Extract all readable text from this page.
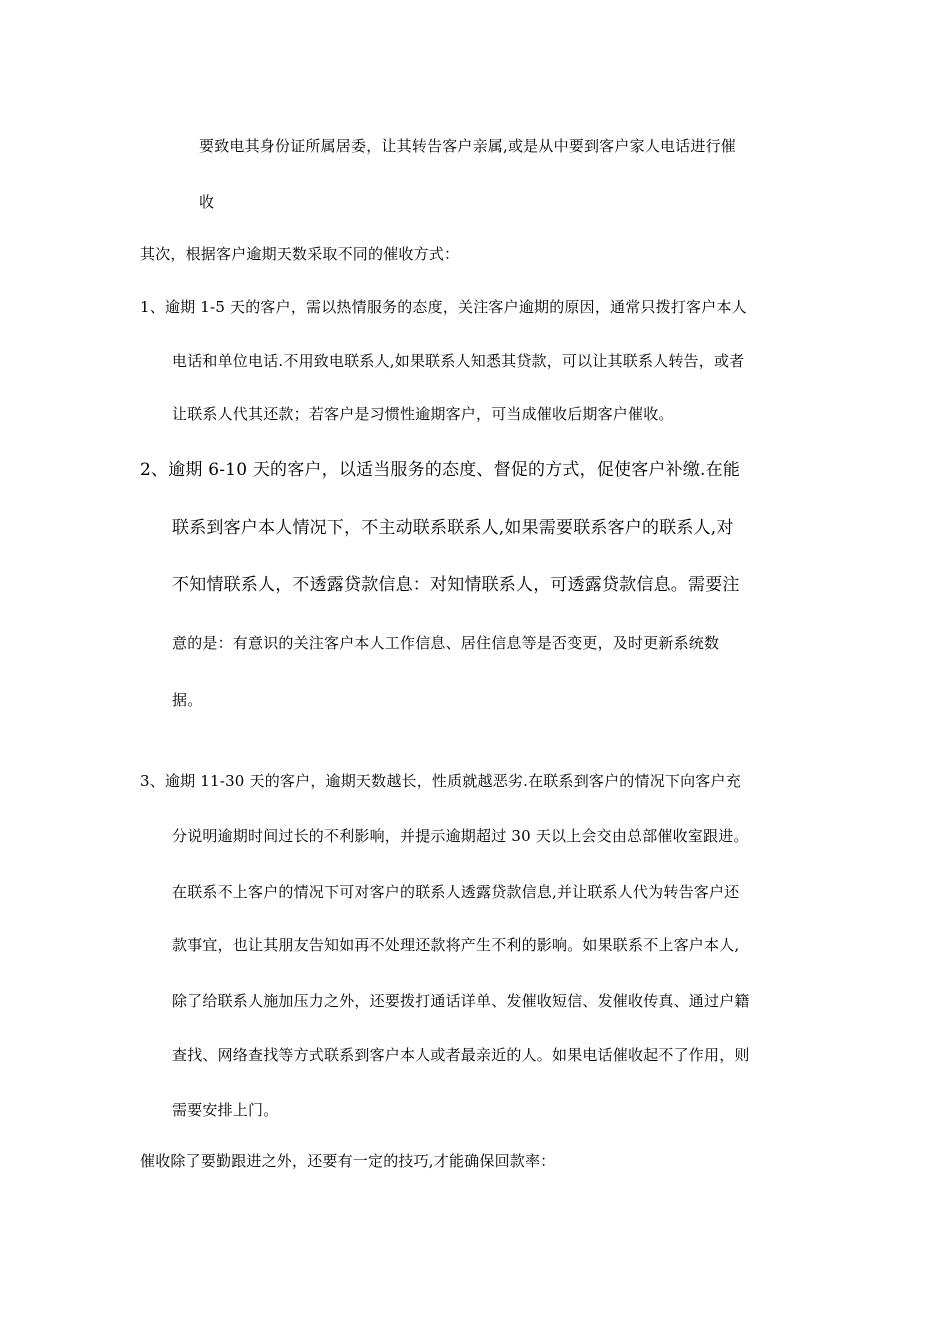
要致电其身份证所属居委，让其转告客户亲属,或是从中要到客户家人电话进行催
收
其次，根据客户逾期天数采取不同的催收方式：
1、逾期 1-5 天的客户，需以热情服务的态度，关注客户逾期的原因，通常只拨打客户本人
电话和单位电话.不用致电联系人,如果联系人知悉其贷款，可以让其联系人转告，或者
让联系人代其还款；若客户是习惯性逾期客户，可当成催收后期客户催收。
2、逾期 6-10 天的客户，以适当服务的态度、督促的方式，促使客户补缴.在能
联系到客户本人情况下，不主动联系联系人,如果需要联系客户的联系人,对
不知情联系人，不透露贷款信息：对知情联系人，可透露贷款信息。需要注
意的是：有意识的关注客户本人工作信息、居住信息等是否变更，及时更新系统数
据。
3、逾期 11-30 天的客户，逾期天数越长，性质就越恶劣.在联系到客户的情况下向客户充
分说明逾期时间过长的不利影响，并提示逾期超过 30 天以上会交由总部催收室跟进。
在联系不上客户的情况下可对客户的联系人透露贷款信息,并让联系人代为转告客户还
款事宜，也让其朋友告知如再不处理还款将产生不利的影响。如果联系不上客户本人,
除了给联系人施加压力之外，还要拨打通话详单、发催收短信、发催收传真、通过户籍
查找、网络查找等方式联系到客户本人或者最亲近的人。如果电话催收起不了作用，则
需要安排上门。
催收除了要勤跟进之外，还要有一定的技巧,才能确保回款率：
